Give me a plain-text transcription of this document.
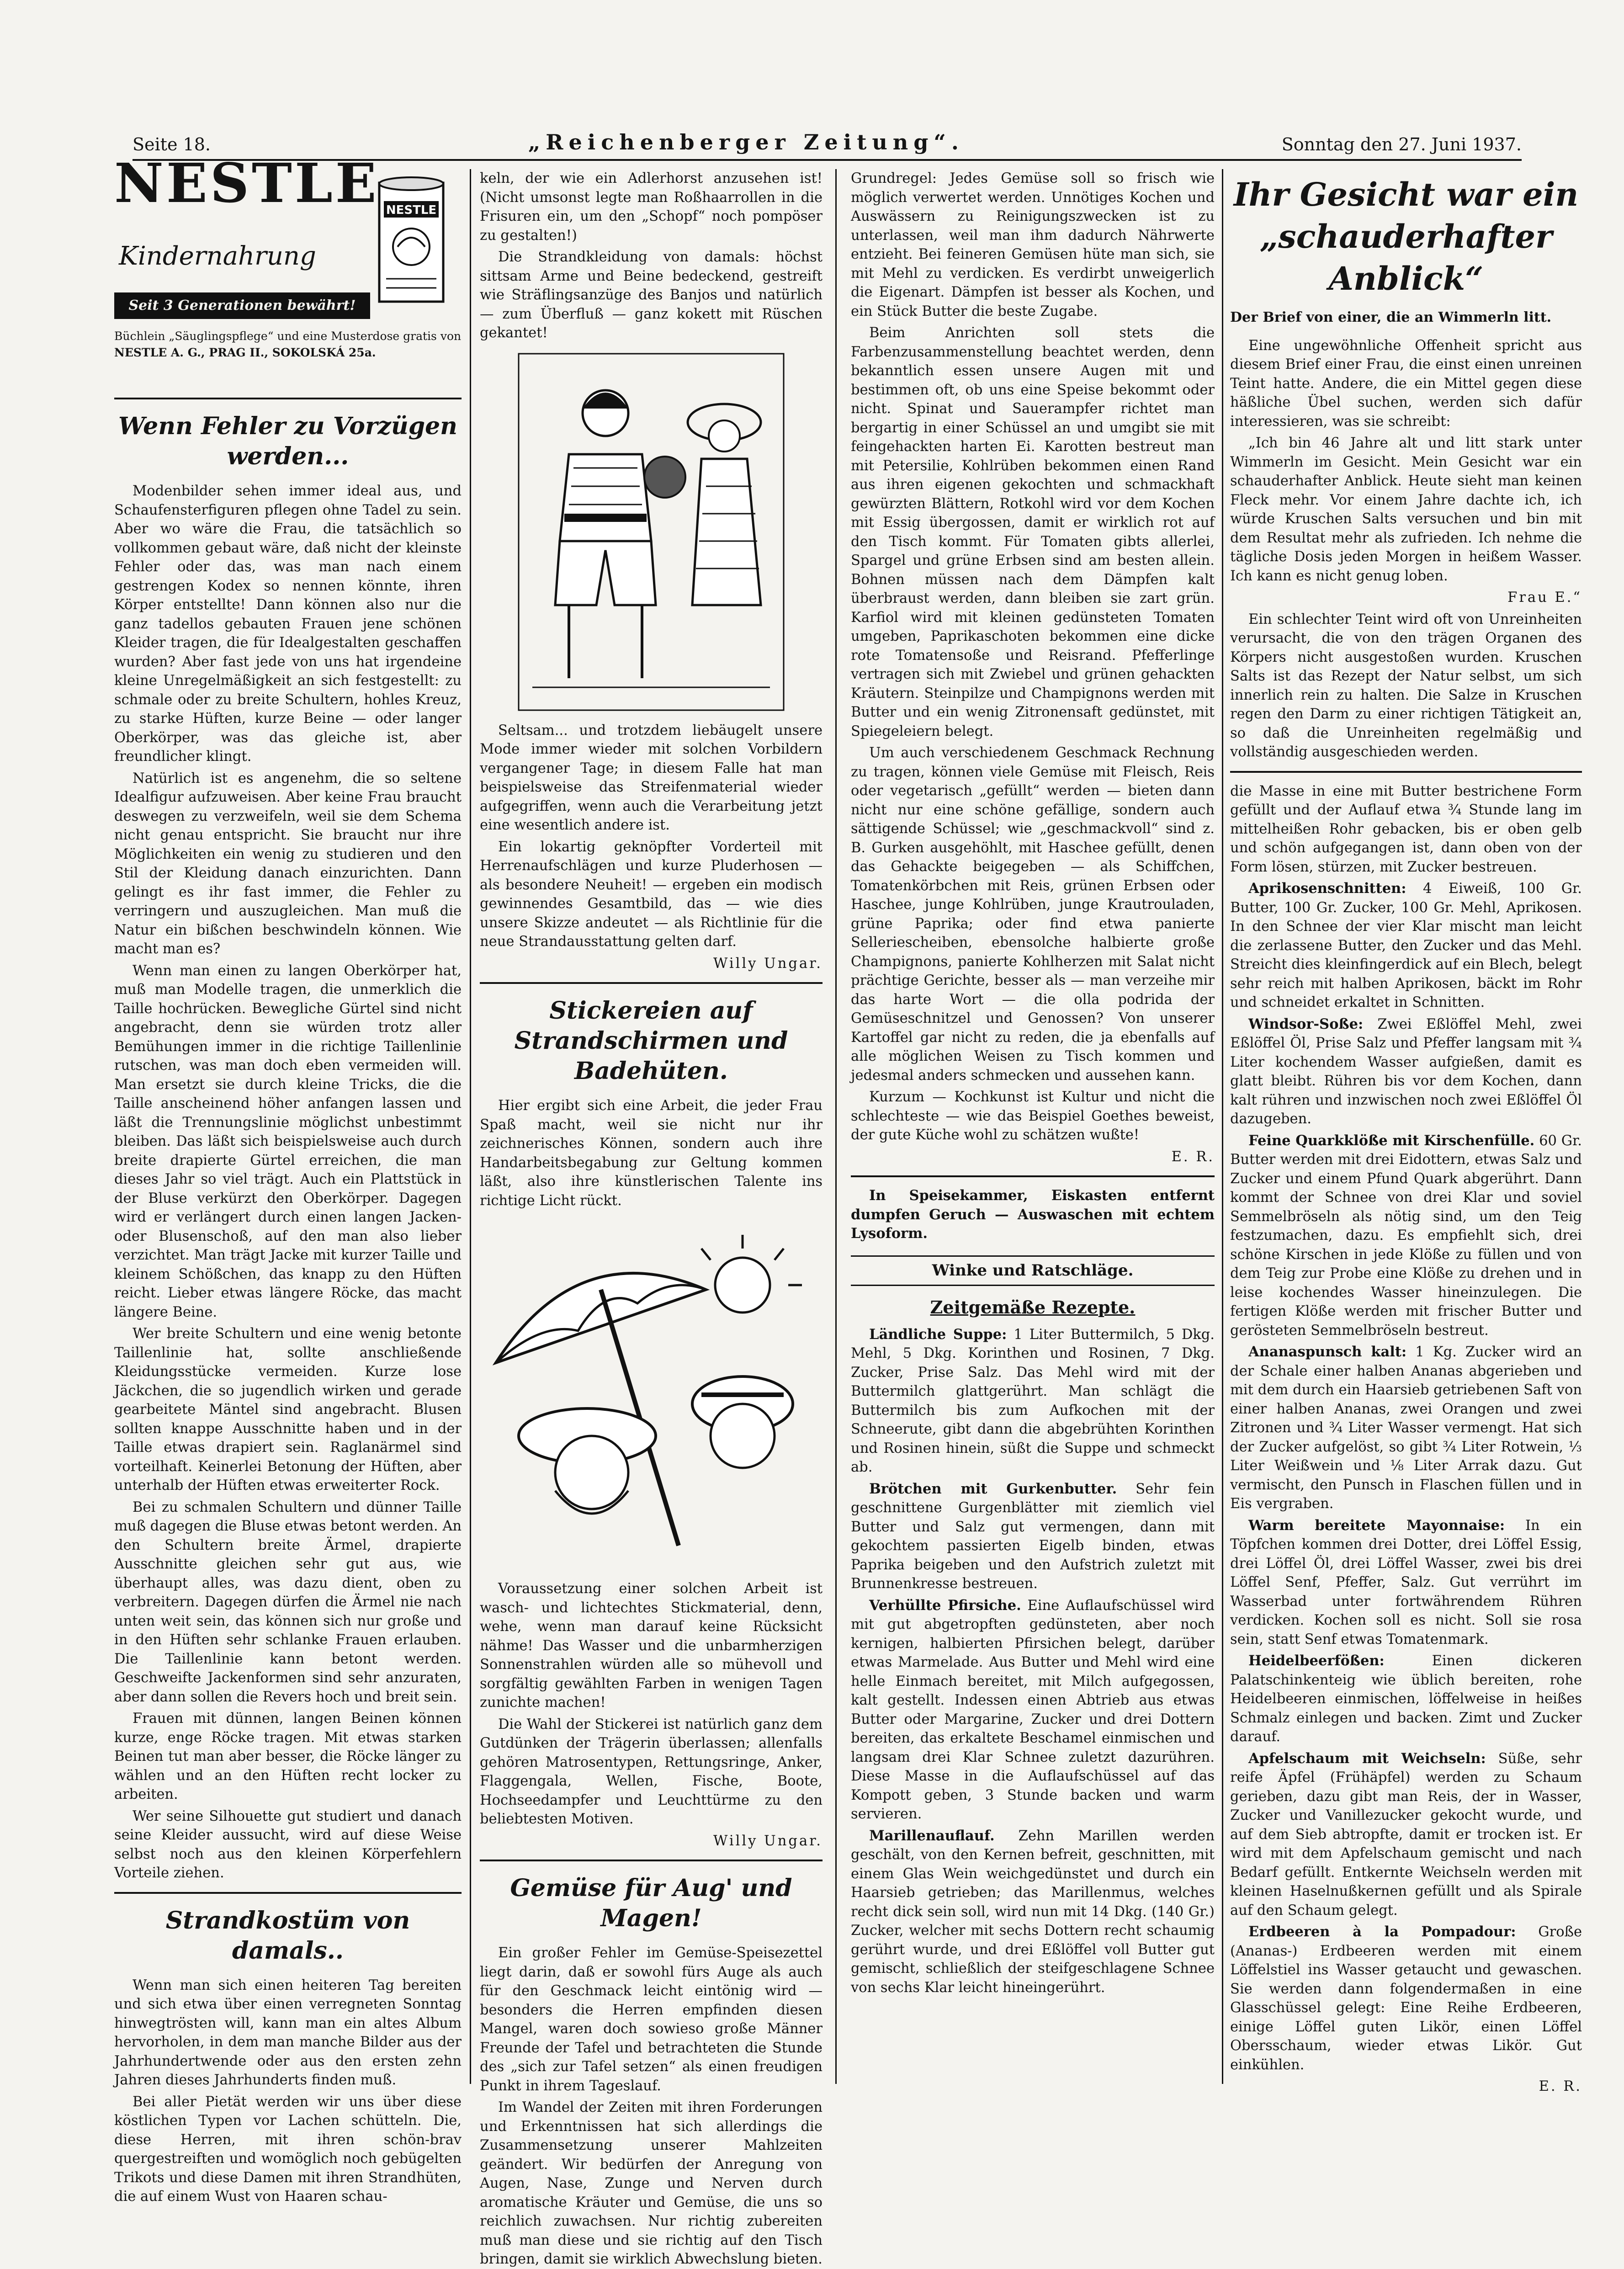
Seite 18.	„Reichenberger Zeitung“.	Sonntag den 27. Juni 1937.
NESTLE
Kindernahrung
Seit 3 Generationen bewährt!
Büchlein „Säuglingspflege“ und eine Musterdose gratis von
NESTLE A. G., PRAG II., SOKOLSKÁ 25a.
NESTLE
Wenn Fehler zu Vorzügen werden...

Modenbilder sehen immer ideal aus, und Schaufensterfiguren pflegen ohne Tadel zu sein. Aber wo wäre die Frau, die tatsächlich so vollkommen gebaut wäre, daß nicht der kleinste Fehler oder das, was man nach einem gestrengen Kodex so nennen könnte, ihren Körper entstellte! Dann können also nur die ganz tadellos gebauten Frauen jene schönen Kleider tragen, die für Idealgestalten geschaffen wurden? Aber fast jede von uns hat irgendeine kleine Unregelmäßigkeit an sich festgestellt: zu schmale oder zu breite Schultern, hohles Kreuz, zu starke Hüften, kurze Beine — oder langer Oberkörper, was das gleiche ist, aber freundlicher klingt.

Natürlich ist es angenehm, die so seltene Idealfigur aufzuweisen. Aber keine Frau braucht deswegen zu verzweifeln, weil sie dem Schema nicht genau entspricht. Sie braucht nur ihre Möglichkeiten ein wenig zu studieren und den Stil der Kleidung danach einzurichten. Dann gelingt es ihr fast immer, die Fehler zu verringern und auszugleichen. Man muß die Natur ein bißchen beschwindeln können. Wie macht man es?

Wenn man einen zu langen Oberkörper hat, muß man Modelle tragen, die unmerklich die Taille hochrücken. Bewegliche Gürtel sind nicht angebracht, denn sie würden trotz aller Bemühungen immer in die richtige Taillenlinie rutschen, was man doch eben vermeiden will. Man ersetzt sie durch kleine Tricks, die die Taille anscheinend höher anfangen lassen und läßt die Trennungslinie möglichst unbestimmt bleiben. Das läßt sich beispielsweise auch durch breite drapierte Gürtel erreichen, die man dieses Jahr so viel trägt. Auch ein Plattstück in der Bluse verkürzt den Oberkörper. Dagegen wird er verlängert durch einen langen Jacken- oder Blusenschoß, auf den man also lieber verzichtet. Man trägt Jacke mit kurzer Taille und kleinem Schößchen, das knapp zu den Hüften reicht. Lieber etwas längere Röcke, das macht längere Beine.

Wer breite Schultern und eine wenig betonte Taillenlinie hat, sollte anschließende Kleidungsstücke vermeiden. Kurze lose Jäckchen, die so jugendlich wirken und gerade gearbeitete Mäntel sind angebracht. Blusen sollten knappe Ausschnitte haben und in der Taille etwas drapiert sein. Raglanärmel sind vorteilhaft. Keinerlei Betonung der Hüften, aber unterhalb der Hüften etwas erweiterter Rock.

Bei zu schmalen Schultern und dünner Taille muß dagegen die Bluse etwas betont werden. An den Schultern breite Ärmel, drapierte Ausschnitte gleichen sehr gut aus, wie überhaupt alles, was dazu dient, oben zu verbreitern. Dagegen dürfen die Ärmel nie nach unten weit sein, das können sich nur große und in den Hüften sehr schlanke Frauen erlauben. Die Taillenlinie kann betont werden. Geschweifte Jackenformen sind sehr anzuraten, aber dann sollen die Revers hoch und breit sein.

Frauen mit dünnen, langen Beinen können kurze, enge Röcke tragen. Mit etwas starken Beinen tut man aber besser, die Röcke länger zu wählen und an den Hüften recht locker zu arbeiten.

Wer seine Silhouette gut studiert und danach seine Kleider aussucht, wird auf diese Weise selbst noch aus den kleinen Körperfehlern Vorteile ziehen.

Strandkostüm von damals..

Wenn man sich einen heiteren Tag bereiten und sich etwa über einen verregneten Sonntag hinwegtrösten will, kann man ein altes Album hervorholen, in dem man manche Bilder aus der Jahrhundertwende oder aus den ersten zehn Jahren dieses Jahrhunderts finden muß.

Bei aller Pietät werden wir uns über diese köstlichen Typen vor Lachen schütteln. Die, diese Herren, mit ihren schön-brav quergestreiften und womöglich noch gebügelten Trikots und diese Damen mit ihren Strandhüten, die auf einem Wust von Haaren schau-

keln, der wie ein Adlerhorst anzusehen ist! (Nicht umsonst legte man Roßhaarrollen in die Frisuren ein, um den „Schopf“ noch pompöser zu gestalten!)

Die Strandkleidung von damals: höchst sittsam Arme und Beine bedeckend, gestreift wie Sträflingsanzüge des Banjos und natürlich — zum Überfluß — ganz kokett mit Rüschen gekantet!

Seltsam... und trotzdem liebäugelt unsere Mode immer wieder mit solchen Vorbildern vergangener Tage; in diesem Falle hat man beispielsweise das Streifenmaterial wieder aufgegriffen, wenn auch die Verarbeitung jetzt eine wesentlich andere ist.

Ein lokartig geknöpfter Vorderteil mit Herrenaufschlägen und kurze Pluderhosen — als besondere Neuheit! — ergeben ein modisch gewinnendes Gesamtbild, das — wie dies unsere Skizze andeutet — als Richtlinie für die neue Strandausstattung gelten darf.

Willy Ungar.

Stickereien auf Strandschirmen und Badehüten.

Hier ergibt sich eine Arbeit, die jeder Frau Spaß macht, weil sie nicht nur ihr zeichnerisches Können, sondern auch ihre Handarbeitsbegabung zur Geltung kommen läßt, also ihre künstlerischen Talente ins richtige Licht rückt.

Voraussetzung einer solchen Arbeit ist wasch- und lichtechtes Stickmaterial, denn, wehe, wenn man darauf keine Rücksicht nähme! Das Wasser und die unbarmherzigen Sonnenstrahlen würden alle so mühevoll und sorgfältig gewählten Farben in wenigen Tagen zunichte machen!

Die Wahl der Stickerei ist natürlich ganz dem Gutdünken der Trägerin überlassen; allenfalls gehören Matrosentypen, Rettungsringe, Anker, Flaggengala, Wellen, Fische, Boote, Hochseedampfer und Leuchttürme zu den beliebtesten Motiven.

Willy Ungar.

Gemüse für Aug' und Magen!

Ein großer Fehler im Gemüse-Speisezettel liegt darin, daß er sowohl fürs Auge als auch für den Geschmack leicht eintönig wird — besonders die Herren empfinden diesen Mangel, waren doch sowieso große Männer Freunde der Tafel und betrachteten die Stunde des „sich zur Tafel setzen“ als einen freudigen Punkt in ihrem Tageslauf.

Im Wandel der Zeiten mit ihren Forderungen und Erkenntnissen hat sich allerdings die Zusammensetzung unserer Mahlzeiten geändert. Wir bedürfen der Anregung von Augen, Nase, Zunge und Nerven durch aromatische Kräuter und Gemüse, die uns so reichlich zuwachsen. Nur richtig zubereiten muß man diese und sie richtig auf den Tisch bringen, damit sie wirklich Abwechslung bieten.

Grundregel: Jedes Gemüse soll so frisch wie möglich verwertet werden. Unnötiges Kochen und Auswässern zu Reinigungszwecken ist zu unterlassen, weil man ihm dadurch Nährwerte entzieht. Bei feineren Gemüsen hüte man sich, sie mit Mehl zu verdicken. Es verdirbt unweigerlich die Eigenart. Dämpfen ist besser als Kochen, und ein Stück Butter die beste Zugabe.

Beim Anrichten soll stets die Farbenzusammenstellung beachtet werden, denn bekanntlich essen unsere Augen mit und bestimmen oft, ob uns eine Speise bekommt oder nicht. Spinat und Sauerampfer richtet man bergartig in einer Schüssel an und umgibt sie mit feingehackten harten Ei. Karotten bestreut man mit Petersilie, Kohlrüben bekommen einen Rand aus ihren eigenen gekochten und schmackhaft gewürzten Blättern, Rotkohl wird vor dem Kochen mit Essig übergossen, damit er wirklich rot auf den Tisch kommt. Für Tomaten gibts allerlei, Spargel und grüne Erbsen sind am besten allein. Bohnen müssen nach dem Dämpfen kalt überbraust werden, dann bleiben sie zart grün. Karfiol wird mit kleinen gedünsteten Tomaten umgeben, Paprikaschoten bekommen eine dicke rote Tomatensoße und Reisrand. Pfefferlinge vertragen sich mit Zwiebel und grünen gehackten Kräutern. Steinpilze und Champignons werden mit Butter und ein wenig Zitronensaft gedünstet, mit Spiegeleiern belegt.

Um auch verschiedenem Geschmack Rechnung zu tragen, können viele Gemüse mit Fleisch, Reis oder vegetarisch „gefüllt“ werden — bieten dann nicht nur eine schöne gefällige, sondern auch sättigende Schüssel; wie „geschmackvoll“ sind z. B. Gurken ausgehöhlt, mit Haschee gefüllt, denen das Gehackte beigegeben — als Schiffchen, Tomatenkörbchen mit Reis, grünen Erbsen oder Haschee, junge Kohlrüben, junge Krautrouladen, grüne Paprika; oder find etwa panierte Selleriescheiben, ebensolche halbierte große Champignons, panierte Kohlherzen mit Salat nicht prächtige Gerichte, besser als — man verzeihe mir das harte Wort — die olla podrida der Gemüseschnitzel und Genossen? Von unserer Kartoffel gar nicht zu reden, die ja ebenfalls auf alle möglichen Weisen zu Tisch kommen und jedesmal anders schmecken und aussehen kann.

Kurzum — Kochkunst ist Kultur und nicht die schlechteste — wie das Beispiel Goethes beweist, der gute Küche wohl zu schätzen wußte!

E. R.

In Speisekammer, Eiskasten entfernt dumpfen Geruch — Auswaschen mit echtem Lysoform.

Winke und Ratschläge.
Zeitgemäße Rezepte.

Ländliche Suppe: 1 Liter Buttermilch, 5 Dkg. Mehl, 5 Dkg. Korinthen und Rosinen, 7 Dkg. Zucker, Prise Salz. Das Mehl wird mit der Buttermilch glattgerührt. Man schlägt die Buttermilch bis zum Aufkochen mit der Schneerute, gibt dann die abgebrühten Korinthen und Rosinen hinein, süßt die Suppe und schmeckt ab.

Brötchen mit Gurkenbutter. Sehr fein geschnittene Gurgenblätter mit ziemlich viel Butter und Salz gut vermengen, dann mit gekochtem passierten Eigelb binden, etwas Paprika beigeben und den Aufstrich zuletzt mit Brunnenkresse bestreuen.

Verhüllte Pfirsiche. Eine Auflaufschüssel wird mit gut abgetropften gedünsteten, aber noch kernigen, halbierten Pfirsichen belegt, darüber etwas Marmelade. Aus Butter und Mehl wird eine helle Einmach bereitet, mit Milch aufgegossen, kalt gestellt. Indessen einen Abtrieb aus etwas Butter oder Margarine, Zucker und drei Dottern bereiten, das erkaltete Beschamel einmischen und langsam drei Klar Schnee zuletzt dazurühren. Diese Masse in die Auflaufschüssel auf das Kompott geben, 3 Stunde backen und warm servieren.

Marillenauflauf. Zehn Marillen werden geschält, von den Kernen befreit, geschnitten, mit einem Glas Wein weichgedünstet und durch ein Haarsieb getrieben; das Marillenmus, welches recht dick sein soll, wird nun mit 14 Dkg. (140 Gr.) Zucker, welcher mit sechs Dottern recht schaumig gerührt wurde, und drei Eßlöffel voll Butter gut gemischt, schließlich der steifgeschlagene Schnee von sechs Klar leicht hineingerührt.

Ihr Gesicht war ein „schauderhafter Anblick“

Der Brief von einer, die an Wimmerln litt.

Eine ungewöhnliche Offenheit spricht aus diesem Brief einer Frau, die einst einen unreinen Teint hatte. Andere, die ein Mittel gegen diese häßliche Übel suchen, werden sich dafür interessieren, was sie schreibt:

„Ich bin 46 Jahre alt und litt stark unter Wimmerln im Gesicht. Mein Gesicht war ein schauderhafter Anblick. Heute sieht man keinen Fleck mehr. Vor einem Jahre dachte ich, ich würde Kruschen Salts versuchen und bin mit dem Resultat mehr als zufrieden. Ich nehme die tägliche Dosis jeden Morgen in heißem Wasser. Ich kann es nicht genug loben.

Frau E.“

Ein schlechter Teint wird oft von Unreinheiten verursacht, die von den trägen Organen des Körpers nicht ausgestoßen wurden. Kruschen Salts ist das Rezept der Natur selbst, um sich innerlich rein zu halten. Die Salze in Kruschen regen den Darm zu einer richtigen Tätigkeit an, so daß die Unreinheiten regelmäßig und vollständig ausgeschieden werden.

die Masse in eine mit Butter bestrichene Form gefüllt und der Auflauf etwa ¾ Stunde lang im mittelheißen Rohr gebacken, bis er oben gelb und schön aufgegangen ist, dann oben von der Form lösen, stürzen, mit Zucker bestreuen.

Aprikosenschnitten: 4 Eiweiß, 100 Gr. Butter, 100 Gr. Zucker, 100 Gr. Mehl, Aprikosen. In den Schnee der vier Klar mischt man leicht die zerlassene Butter, den Zucker und das Mehl. Streicht dies kleinfingerdick auf ein Blech, belegt sehr reich mit halben Aprikosen, bäckt im Rohr und schneidet erkaltet in Schnitten.

Windsor-Soße: Zwei Eßlöffel Mehl, zwei Eßlöffel Öl, Prise Salz und Pfeffer langsam mit ¾ Liter kochendem Wasser aufgießen, damit es glatt bleibt. Rühren bis vor dem Kochen, dann kalt rühren und inzwischen noch zwei Eßlöffel Öl dazugeben.

Feine Quarkklöße mit Kirschenfülle. 60 Gr. Butter werden mit drei Eidottern, etwas Salz und Zucker und einem Pfund Quark abgerührt. Dann kommt der Schnee von drei Klar und soviel Semmelbröseln als nötig sind, um den Teig festzumachen, dazu. Es empfiehlt sich, drei schöne Kirschen in jede Klöße zu füllen und von dem Teig zur Probe eine Klöße zu drehen und in leise kochendes Wasser hineinzulegen. Die fertigen Klöße werden mit frischer Butter und gerösteten Semmelbröseln bestreut.

Ananaspunsch kalt: 1 Kg. Zucker wird an der Schale einer halben Ananas abgerieben und mit dem durch ein Haarsieb getriebenen Saft von einer halben Ananas, zwei Orangen und zwei Zitronen und ¾ Liter Wasser vermengt. Hat sich der Zucker aufgelöst, so gibt ¾ Liter Rotwein, ⅓ Liter Weißwein und ⅛ Liter Arrak dazu. Gut vermischt, den Punsch in Flaschen füllen und in Eis vergraben.

Warm bereitete Mayonnaise: In ein Töpfchen kommen drei Dotter, drei Löffel Essig, drei Löffel Öl, drei Löffel Wasser, zwei bis drei Löffel Senf, Pfeffer, Salz. Gut verrührt im Wasserbad unter fortwährendem Rühren verdicken. Kochen soll es nicht. Soll sie rosa sein, statt Senf etwas Tomatenmark.

Heidelbeerfößen:	Einen dickeren Palatschinkenteig wie üblich bereiten, rohe Heidelbeeren einmischen, löffelweise in heißes Schmalz einlegen und backen. Zimt und Zucker darauf.

Apfelschaum mit Weichseln: Süße, sehr reife Äpfel (Frühäpfel) werden zu Schaum gerieben, dazu gibt man Reis, der in Wasser, Zucker und Vanillezucker gekocht wurde, und auf dem Sieb abtropfte, damit er trocken ist. Er wird mit dem Apfelschaum gemischt und nach Bedarf gefüllt. Entkernte Weichseln werden mit kleinen Haselnußkernen gefüllt und als Spirale auf den Schaum gelegt.

Erdbeeren à la Pompadour: Große (Ananas-) Erdbeeren werden mit einem Löffelstiel ins Wasser getaucht und gewaschen. Sie werden dann folgendermaßen in eine Glasschüssel gelegt: Eine Reihe Erdbeeren, einige Löffel guten Likör, einen Löffel Obersschaum, wieder etwas Likör. Gut einkühlen.

E. R.
